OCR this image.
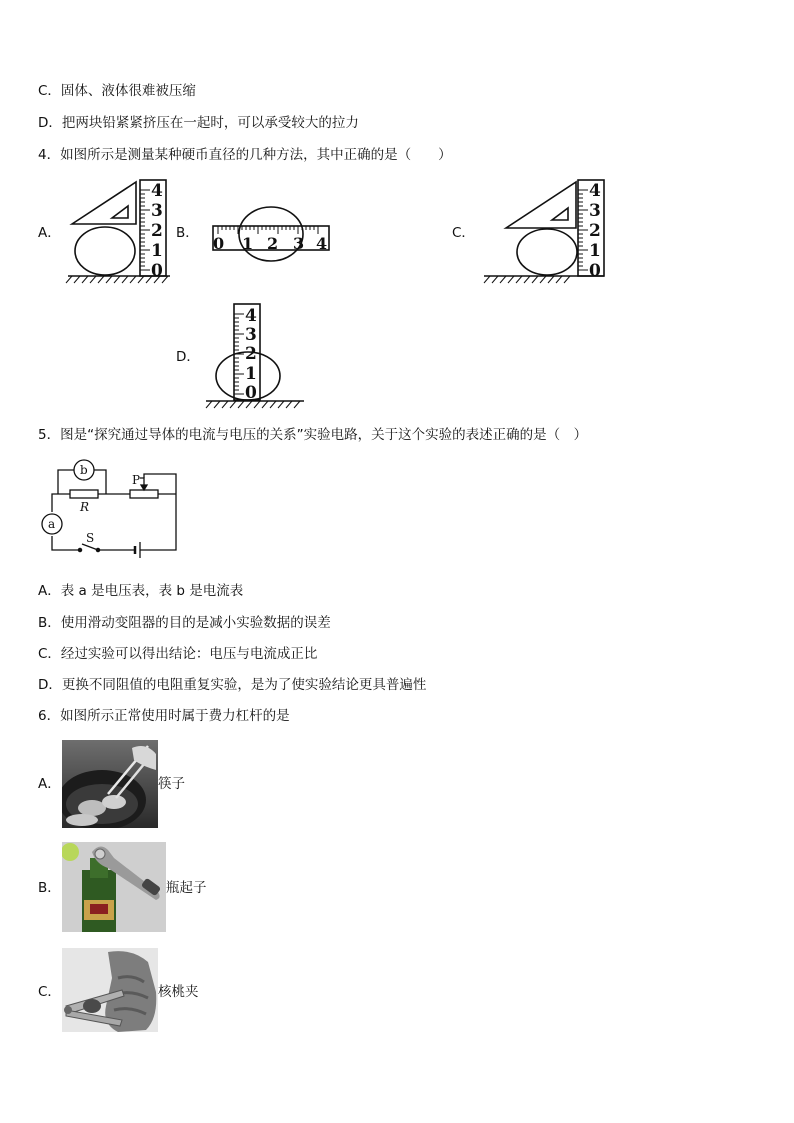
C．固体、液体很难被压缩
D．把两块铅紧紧挤压在一起时，可以承受较大的拉力
4．如图所示是测量某种硬币直径的几种方法，其中正确的是（　　）
A．	B．	C．
D．
0
1
2
3
4
0 1 2 3 4
0
1
2
3
4
0
1
2
3
4
5．图是“探究通过导体的电流与电压的关系”实验电路，关于这个实验的表述正确的是（　）
a
b
R
P
S
A．表 a 是电压表，表 b 是电流表
B．使用滑动变阻器的目的是减小实验数据的误差
C．经过实验可以得出结论：电压与电流成正比
D．更换不同阻值的电阻重复实验，是为了使实验结论更具普遍性
6．如图所示正常使用时属于费力杠杆的是
A．	筷子
B．	瓶起子
C．	核桃夹
